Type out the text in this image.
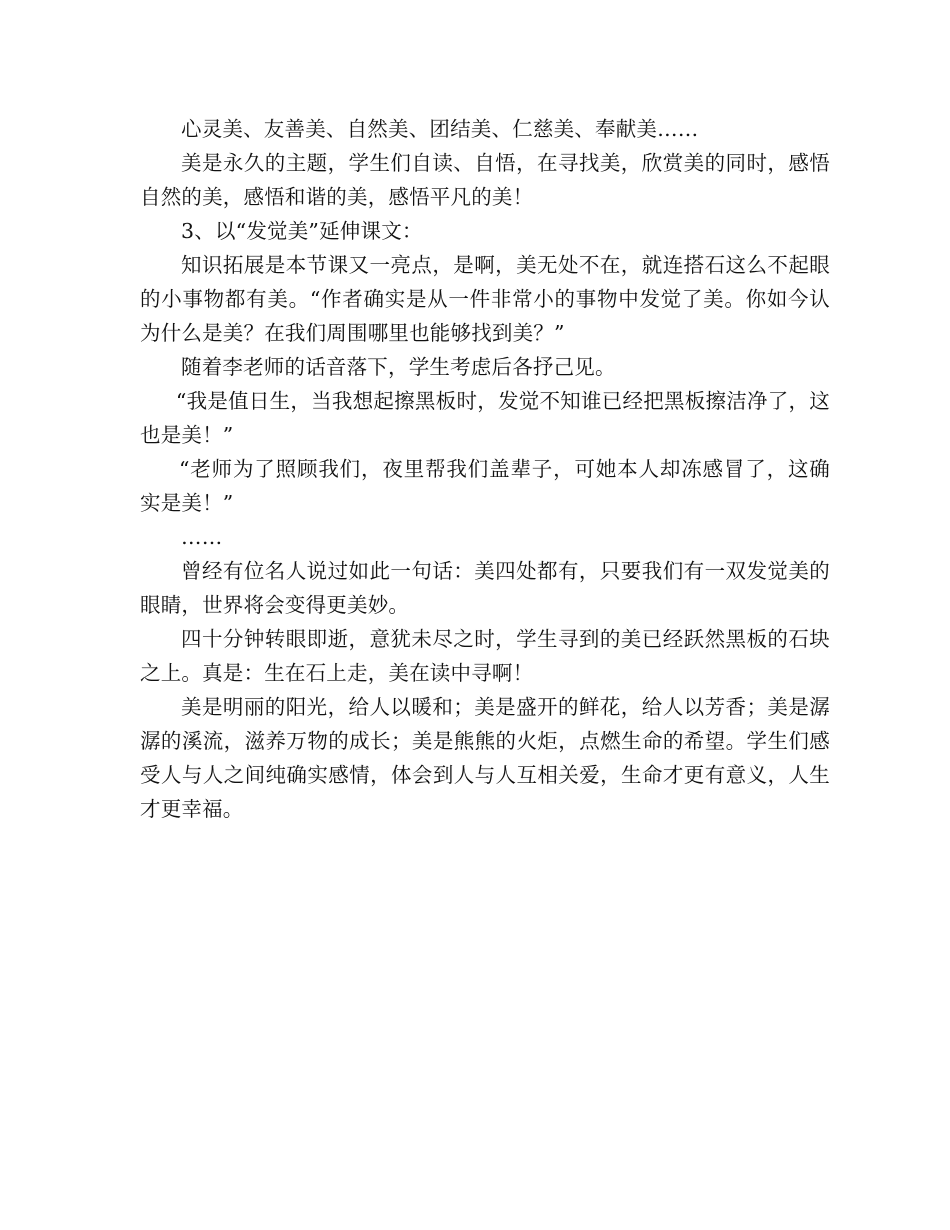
心灵美、友善美、自然美、团结美、仁慈美、奉献美……

美是永久的主题，学生们自读、自悟，在寻找美，欣赏美的同时，感悟自然的美，感悟和谐的美，感悟平凡的美！

3、以“发觉美”延伸课文：

知识拓展是本节课又一亮点，是啊，美无处不在，就连搭石这么不起眼的小事物都有美。“作者确实是从一件非常小的事物中发觉了美。你如今认为什么是美？在我们周围哪里也能够找到美？”

随着李老师的话音落下，学生考虑后各抒己见。

“我是值日生，当我想起擦黑板时，发觉不知谁已经把黑板擦洁净了，这也是美！”

“老师为了照顾我们，夜里帮我们盖辈子，可她本人却冻感冒了，这确实是美！”

……

曾经有位名人说过如此一句话：美四处都有，只要我们有一双发觉美的眼睛，世界将会变得更美妙。

四十分钟转眼即逝，意犹未尽之时，学生寻到的美已经跃然黑板的石块之上。真是：生在石上走，美在读中寻啊！

美是明丽的阳光，给人以暖和；美是盛开的鲜花，给人以芳香；美是潺潺的溪流，滋养万物的成长；美是熊熊的火炬，点燃生命的希望。学生们感受人与人之间纯确实感情，体会到人与人互相关爱，生命才更有意义，人生才更幸福。
